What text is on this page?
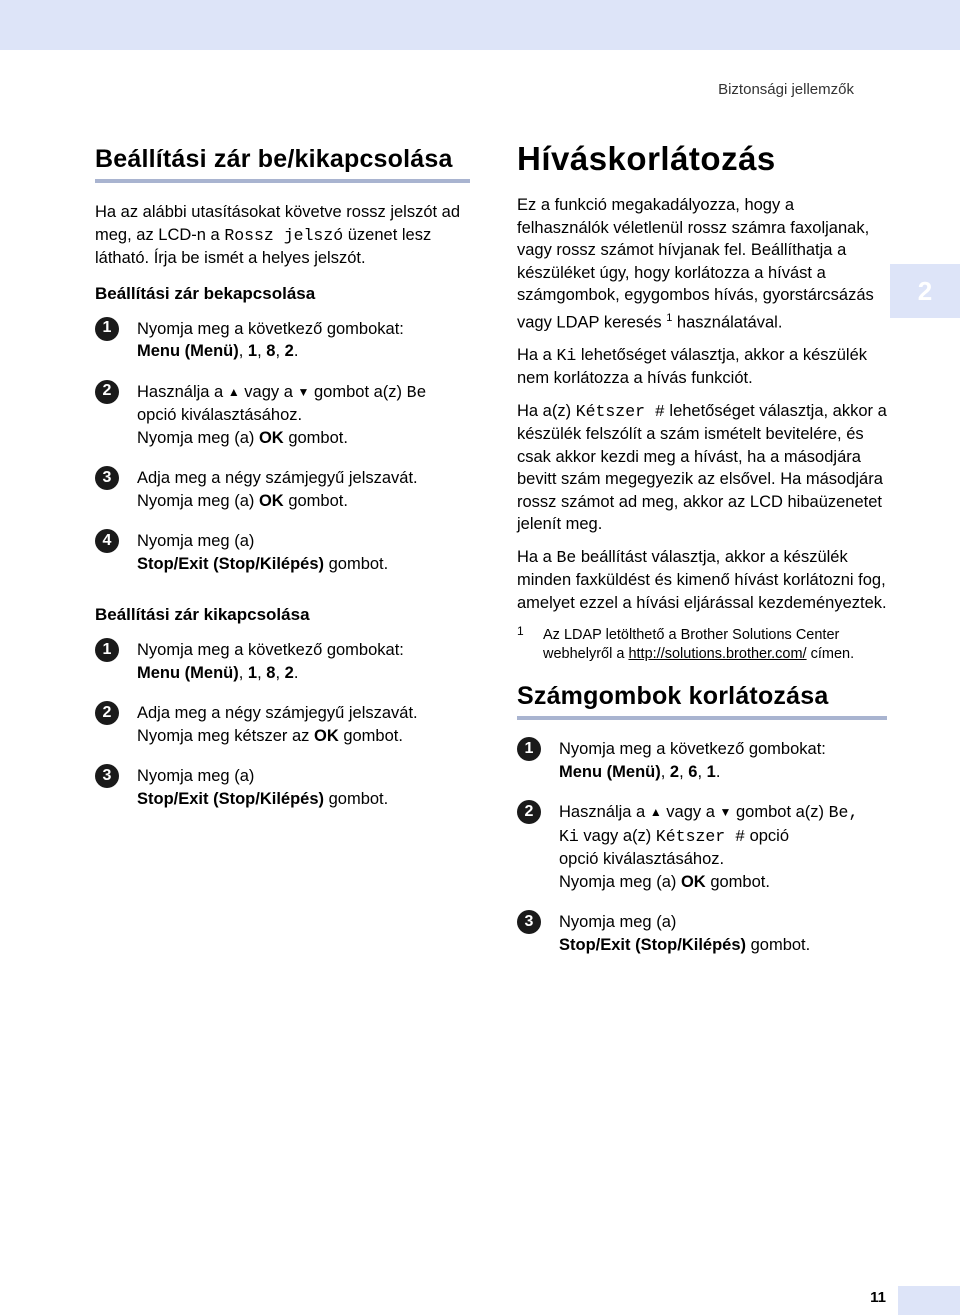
Biztonsági jellemzők
2
Beállítási zár be/kikapcsolása

Ha az alábbi utasításokat követve rossz jelszót ad meg, az LCD-n a Rossz jelszó üzenet lesz látható. Írja be ismét a helyes jelszót.

Beállítási zár bekapcsolása
1	Nyomja meg a következő gombokat:
Menu (Menü), 1, 8, 2.
2	Használja a ▲ vagy a ▼ gombot a(z) Be
opció kiválasztásához.
Nyomja meg (a) OK gombot.
3	Adja meg a négy számjegyű jelszavát.
Nyomja meg (a) OK gombot.
4	Nyomja meg (a)
Stop/Exit (Stop/Kilépés) gombot.
Beállítási zár kikapcsolása
1	Nyomja meg a következő gombokat:
Menu (Menü), 1, 8, 2.
2	Adja meg a négy számjegyű jelszavát.
Nyomja meg kétszer az OK gombot.
3	Nyomja meg (a)
Stop/Exit (Stop/Kilépés) gombot.
Híváskorlátozás

Ez a funkció megakadályozza, hogy a felhasználók véletlenül rossz számra faxoljanak, vagy rossz számot hívjanak fel. Beállíthatja a készüléket úgy, hogy korlátozza a hívást a számgombok, egygombos hívás, gyorstárcsázás vagy LDAP keresés $^1$ használatával.

Ha a Ki lehetőséget választja, akkor a készülék nem korlátozza a hívás funkciót.

Ha a(z) Kétszer # lehetőséget választja, akkor a készülék felszólít a szám ismételt bevitelére, és csak akkor kezdi meg a hívást, ha a másodjára bevitt szám megegyezik az elsővel. Ha másodjára rossz számot ad meg, akkor az LCD hibaüzenetet jelenít meg.

Ha a Be beállítást választja, akkor a készülék minden faxküldést és kimenő hívást korlátozni fog, amelyet ezzel a hívási eljárással kezdeményeztek.

1 Az LDAP letölthető a Brother Solutions Center webhelyről a http://solutions.brother.com/ címen.
Számgombok korlátozása
1	Nyomja meg a következő gombokat:
Menu (Menü), 2, 6, 1.
2	Használja a ▲ vagy a ▼ gombot a(z) Be,
Ki vagy a(z) Kétszer # opció
opció kiválasztásához.
Nyomja meg (a) OK gombot.
3	Nyomja meg (a)
Stop/Exit (Stop/Kilépés) gombot.
11
